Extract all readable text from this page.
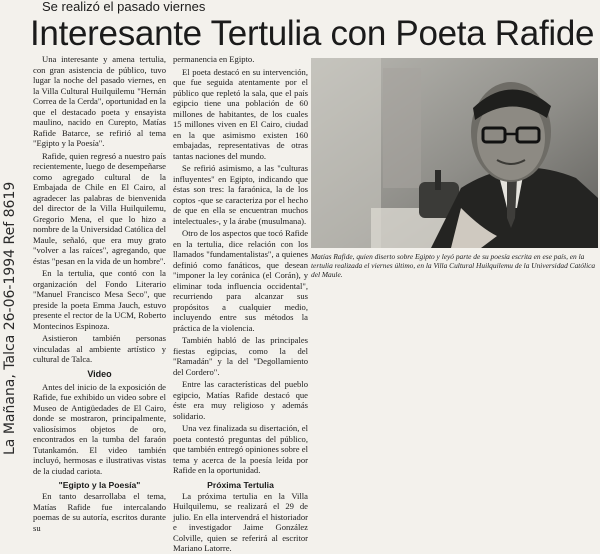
Se realizó el pasado viernes
Interesante Tertulia con Poeta Rafide
La Mañana, Talca 26-06-1994 Ref 8619

Una interesante y amena tertulia, con gran asistencia de público, tuvo lugar la noche del pasado viernes, en la Villa Cultural Huilquilemu "Hernán Correa de la Cerda", oportunidad en la que el destacado poeta y ensayista maulino, nacido en Curepto, Matías Rafide Batarce, se refirió al tema "Egipto y la Poesía".

Rafide, quien regresó a nuestro país recientemente, luego de desempeñarse como agregado cultural de la Embajada de Chile en El Cairo, al agradecer las palabras de bienvenida del director de la Villa Huilquilemu, Gregorio Mena, el que lo hizo a nombre de la Universidad Católica del Maule, señaló, que era muy grato "volver a las raíces", agregando, que éstas "pesan en la vida de un hombre".

En la tertulia, que contó con la organización del Fondo Literario "Manuel Francisco Mesa Seco", que preside la poeta Emma Jauch, estuvo presente el rector de la UCM, Roberto Montecinos Espinoza.

Asistieron también personas vinculadas al ambiente artístico y cultural de Talca.

Video

Antes del inicio de la exposición de Rafide, fue exhibido un video sobre el Museo de Antigüedades de El Cairo, donde se mostraron, principalmente, valiosísimos objetos de oro, encontrados en la tumba del faraón Tutankamón. El video también incluyó, hermosas e ilustrativas vistas de la ciudad cariota.

"Egipto y la Poesía"

En tanto desarrollaba el tema, Matías Rafide fue intercalando poemas de su autoría, escritos durante su

permanencia en Egipto.

El poeta destacó en su intervención, que fue seguida atentamente por el público que repletó la sala, que el país egipcio tiene una población de 60 millones de habitantes, de los cuales 15 millones viven en El Cairo, ciudad en la que asimismo existen 160 embajadas, representativas de otras tantas naciones del mundo.

Se refirió asimismo, a las "culturas influyentes" en Egipto, indicando que éstas son tres: la faraónica, la de los coptos -que se caracteriza por el hecho de que en ella se encuentran muchos intelectuales-, y la árabe (musulmana).

Otro de los aspectos que tocó Rafide en la tertulia, dice relación con los llamados "fundamentalistas", a quienes definió como fanáticos, que desean "imponer la ley coránica (el Corán), y eliminar toda influencia occidental", recurriendo para alcanzar sus propósitos a cualquier medio, incluyendo entre sus métodos la práctica de la violencia.

También habló de las principales fiestas egipcias, como la del "Ramadán" y la del "Degollamiento del Cordero".

Entre las características del pueblo egipcio, Matías Rafide destacó que éste era muy religioso y además solidario.

Una vez finalizada su disertación, el poeta contestó preguntas del público, que también entregó opiniones sobre el tema y acerca de la poesía leída por Rafide en la oportunidad.

Próxima Tertulia

La próxima tertulia en la Villa Huilquilemu, se realizará el 29 de julio. En ella intervendrá el historiador e investigador Jaime González Colville, quien se referirá al escritor Mariano Latorre.

Matías Rafide, quien diserto sobre Egipto y leyó parte de su poesía escrita en ese país, en la tertulia realizada el viernes último, en la Villa Cultural Huilquilemu de la Universidad Católica del Maule.
